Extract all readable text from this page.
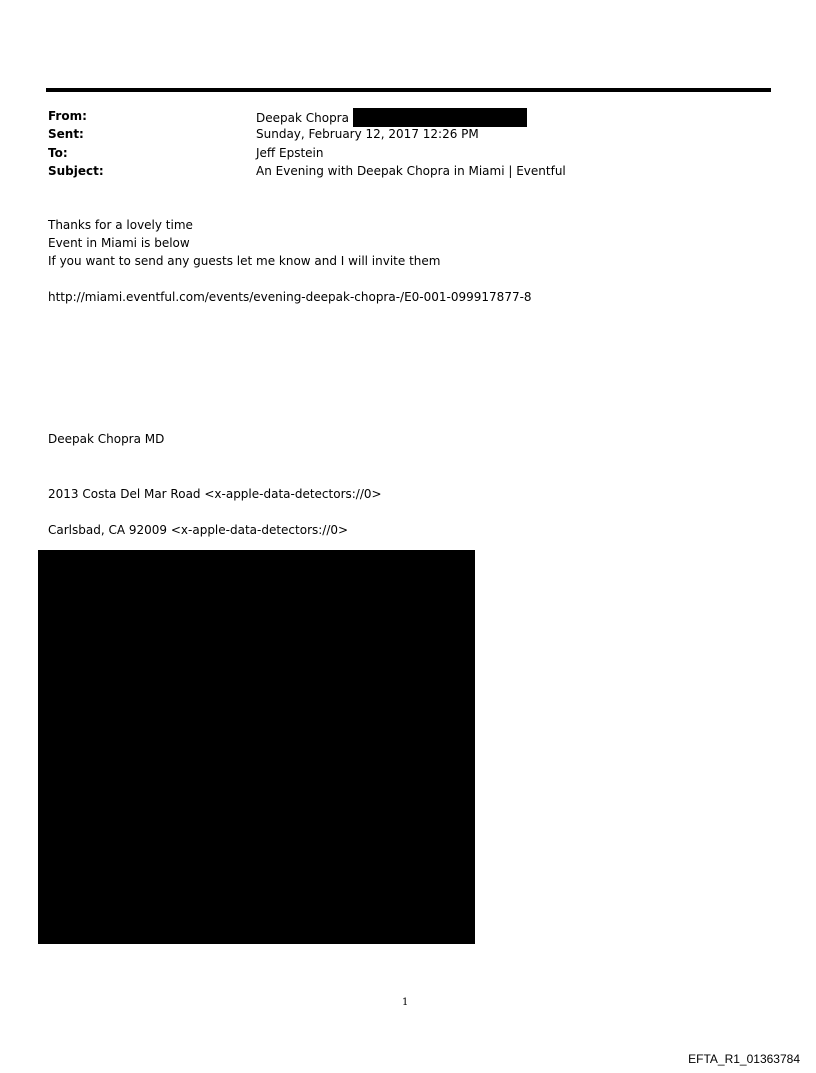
From:	Deepak Chopra
Sent:	Sunday, February 12, 2017 12:26 PM
To:	Jeff Epstein
Subject:	An Evening with Deepak Chopra in Miami | Eventful
Thanks for a lovely time
Event in Miami is below
If you want to send any guests let me know and I will invite them
http://miami.eventful.com/events/evening-deepak-chopra-/E0-001-099917877-8
Deepak Chopra MD
2013 Costa Del Mar Road <x-apple-data-detectors://0>
Carlsbad, CA 92009 <x-apple-data-detectors://0>
1
EFTA_R1_01363784
